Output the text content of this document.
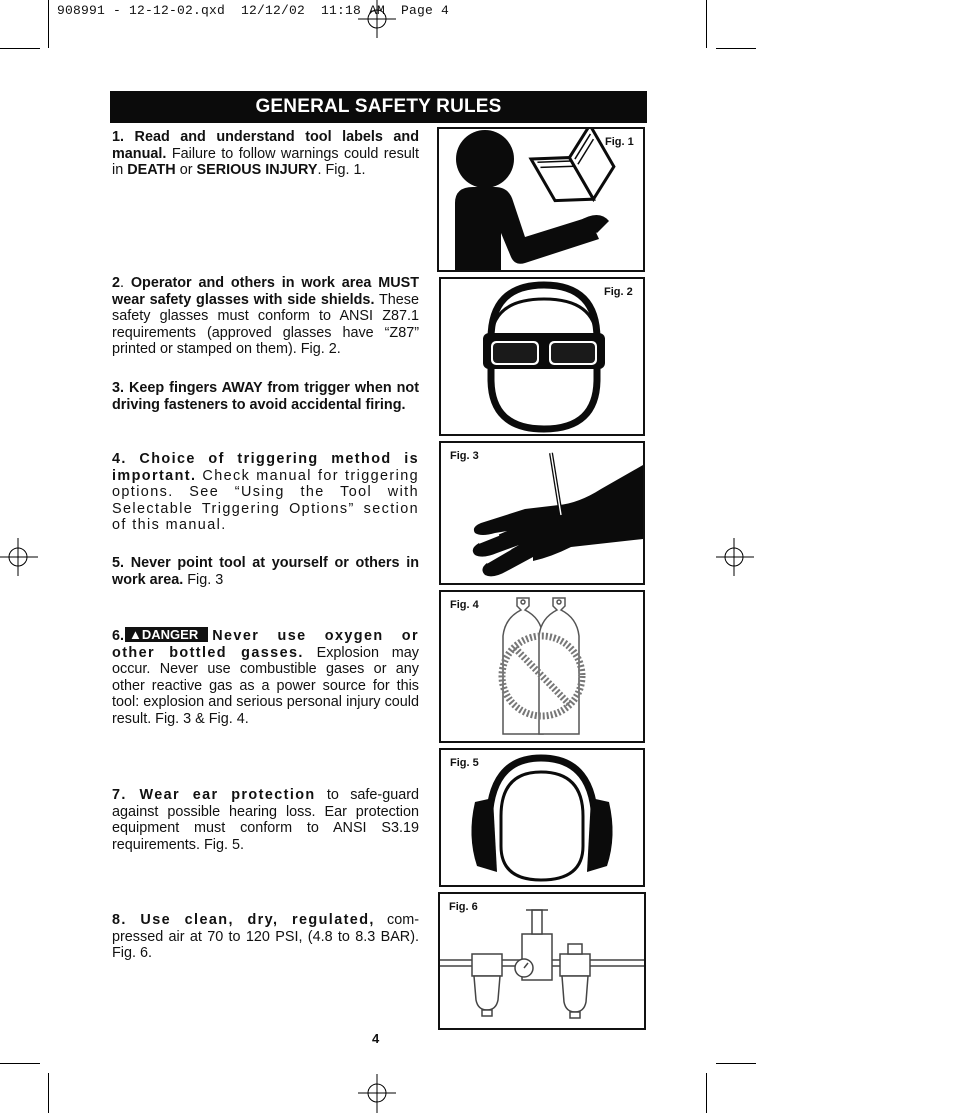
908991 - 12-12-02.qxd  12/12/02  11:18 AM  Page 4
GENERAL SAFETY RULES
1. Read and understand tool labels and manual. Failure to follow warnings could result in DEATH or SERIOUS INJURY. Fig. 1.
2. Operator and others in work area MUST wear safety glasses with side shields. These safety glasses must conform to ANSI Z87.1 requirements (approved glasses have “Z87” printed or stamped on them). Fig. 2.
3. Keep fingers AWAY from trigger when not driving fasteners to avoid accidental firing.
4. Choice of triggering method is important. Check manual for triggering options. See “Using the Tool with Selectable Triggering Options” section of this manual.
5. Never point tool at yourself or others in work area. Fig. 3
6. ▲DANGER Never use oxygen or other bottled gasses. Explosion may occur. Never use combustible gases or any other reactive gas as a power source for this tool: explosion and serious personal injury could result. Fig. 3 & Fig. 4.
7. Wear ear protection to safe-guard against possible hearing loss. Ear protection equipment must conform to ANSI S3.19 requirements. Fig. 5.
8. Use clean, dry, regulated, com-pressed air at 70 to 120 PSI, (4.8 to 8.3 BAR). Fig. 6.
Fig. 1
Fig. 2
Fig. 3
Fig. 4
Fig. 5
Fig. 6
4
